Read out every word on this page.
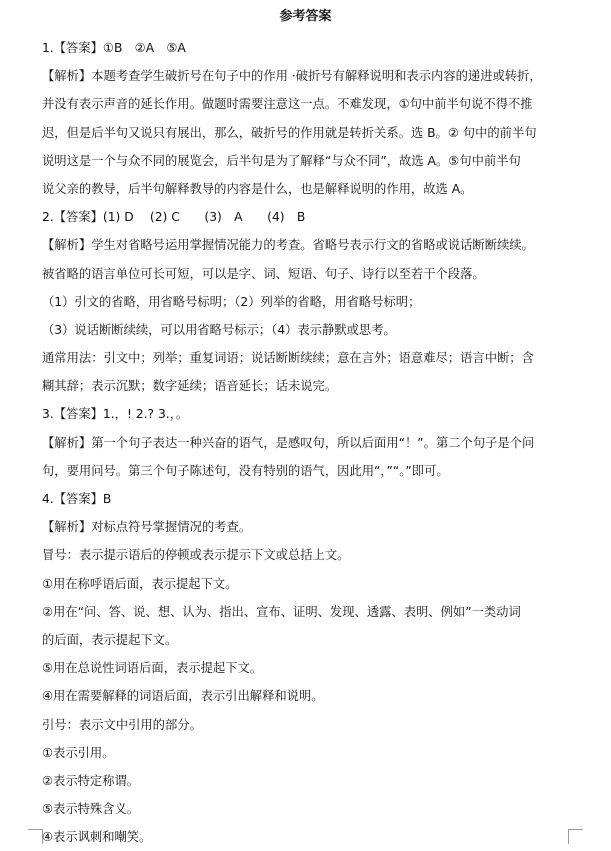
参考答案
1.【答案】①B　②A　⑤A
【解析】本题考查学生破折号在句子中的作用 ·破折号有解释说明和表示内容的递进或转折，
并没有表示声音的延长作用。做题时需要注意这一点。不难发现，①句中前半句说不得不推
迟，但是后半句又说只有展出，那么，破折号的作用就是转折关系。选 B。② 句中的前半句
说明这是一个与众不同的展览会，后半句是为了解释“与众不同”，故选 A。⑤句中前半句
说父亲的教导，后半句解释教导的内容是什么，也是解释说明的作用，故选 A。
2.【答案】(1) D　 (2) C　　(3)　A　　(4)　B
【解析】学生对省略号运用掌握情况能力的考查。省略号表示行文的省略或说话断断续续。
被省略的语言单位可长可短，可以是字、词、短语、句子、诗行以至若干个段落。
（1）引文的省略，用省略号标明；（2）列举的省略，用省略号标明；
（3）说话断断续续，可以用省略号标示；（4）表示静默或思考。
通常用法：引文中；列举；重复词语；说话断断续续；意在言外；语意难尽；语言中断；含
糊其辞；表示沉默；数字延续；语音延长；话未说完。
3.【答案】1.，! 2.? 3.，。
【解析】第一个句子表达一种兴奋的语气，是感叹句，所以后面用“！”。第二个句子是个问
句，要用问号。第三个句子陈述句，没有特别的语气，因此用“，”“。”即可。
4.【答案】B
【解析】对标点符号掌握情况的考查。
冒号：表示提示语后的停顿或表示提示下文或总括上文。
①用在称呼语后面，表示提起下文。
②用在“问、答、说、想、认为、指出、宣布、证明、发现、透露、表明、例如”一类动词
的后面，表示提起下文。
⑤用在总说性词语后面，表示提起下文。
④用在需要解释的词语后面，表示引出解释和说明。
引号：表示文中引用的部分。
①表示引用。
②表示特定称谓。
⑤表示特殊含义。
④表示讽刺和嘲笑。
